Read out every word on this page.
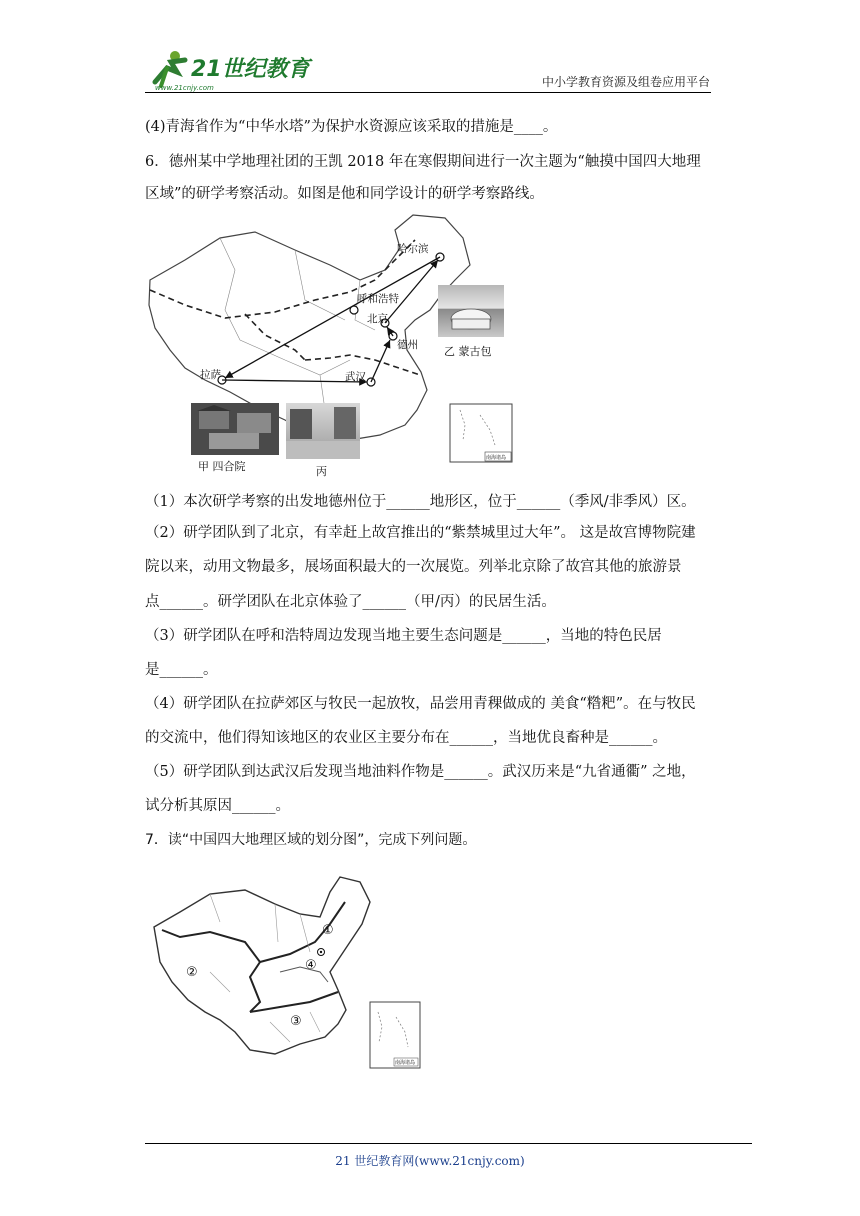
21世纪教育
www.21cnjy.com	中小学教育资源及组卷应用平台
(4)青海省作为“中华水塔”为保护水资源应该采取的措施是____。
6．德州某中学地理社团的王凯 2018 年在寒假期间进行一次主题为“触摸中国四大地理
区域”的研学考察活动。如图是他和同学设计的研学考察路线。
哈尔滨
呼和浩特
北京
德州
拉萨	武汉
南海诸岛
乙 蒙古包
甲 四合院	丙
（1）本次研学考察的出发地德州位于______地形区，位于______（季风/非季风）区。
（2）研学团队到了北京，有幸赶上故宫推出的“紫禁城里过大年”。 这是故宫博物院建
院以来，动用文物最多，展场面积最大的一次展览。列举北京除了故宫其他的旅游景
点______。研学团队在北京体验了______（甲/丙）的民居生活。
（3）研学团队在呼和浩特周边发现当地主要生态问题是______，当地的特色民居
是______。
（4）研学团队在拉萨郊区与牧民一起放牧，品尝用青稞做成的 美食“糌粑”。在与牧民
的交流中，他们得知该地区的农业区主要分布在______，当地优良畜种是______。
（5）研学团队到达武汉后发现当地油料作物是______。武汉历来是“九省通衢” 之地，
试分析其原因______。
7．读“中国四大地理区域的划分图”，完成下列问题。
①
②
③
④
南海诸岛
21 世纪教育网(www.21cnjy.com)
